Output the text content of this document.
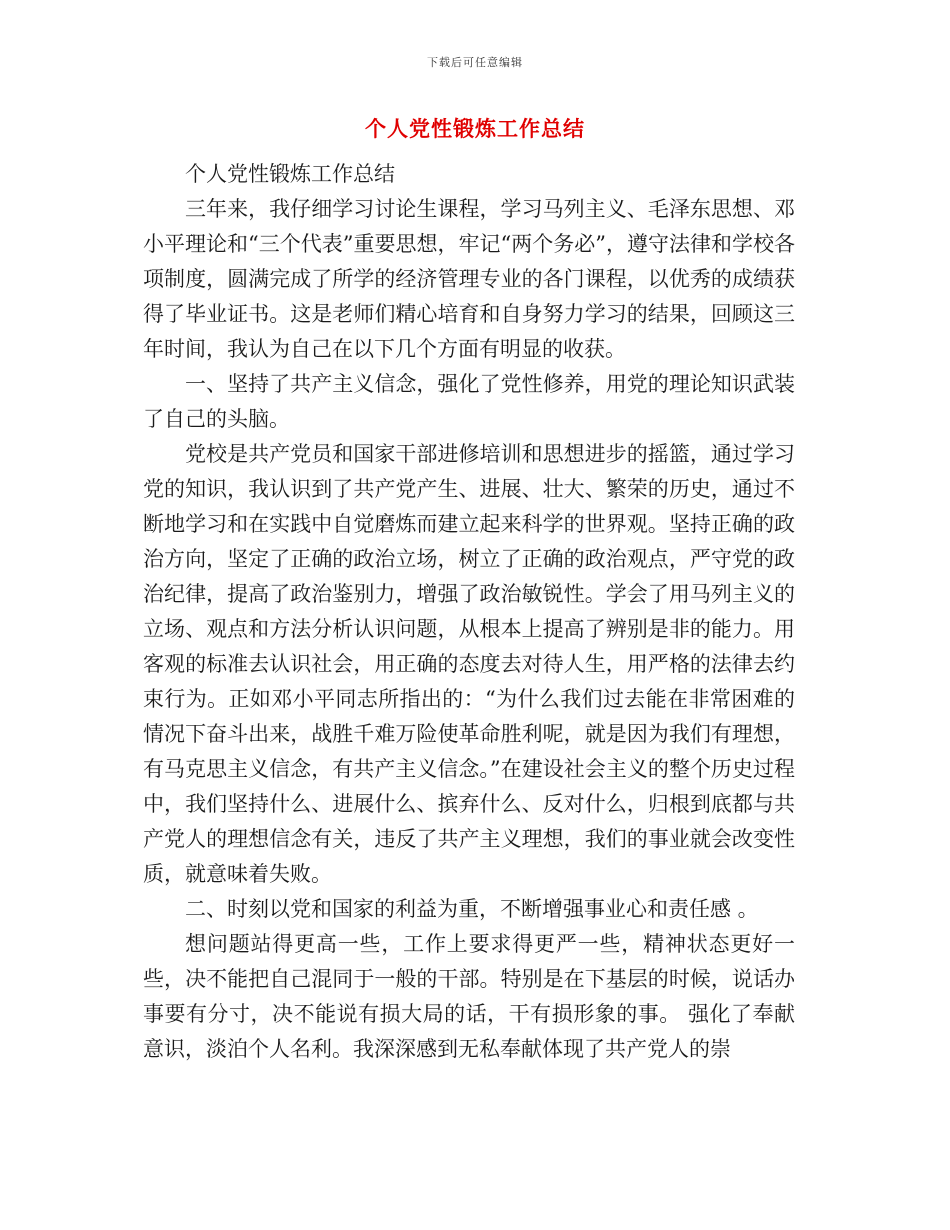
下载后可任意编辑
个人党性锻炼工作总结

个人党性锻炼工作总结

三年来，我仔细学习讨论生课程，学习马列主义、毛泽东思想、邓小平理论和“三个代表”重要思想，牢记“两个务必”，遵守法律和学校各项制度，圆满完成了所学的经济管理专业的各门课程，以优秀的成绩获得了毕业证书。这是老师们精心培育和自身努力学习的结果，回顾这三年时间，我认为自己在以下几个方面有明显的收获。

一、坚持了共产主义信念，强化了党性修养，用党的理论知识武装了自己的头脑。

党校是共产党员和国家干部进修培训和思想进步的摇篮，通过学习党的知识，我认识到了共产党产生、进展、壮大、繁荣的历史，通过不断地学习和在实践中自觉磨炼而建立起来科学的世界观。坚持正确的政治方向，坚定了正确的政治立场，树立了正确的政治观点，严守党的政治纪律，提高了政治鉴别力，增强了政治敏锐性。学会了用马列主义的立场、观点和方法分析认识问题，从根本上提高了辨别是非的能力。用客观的标准去认识社会，用正确的态度去对待人生，用严格的法律去约束行为。正如邓小平同志所指出的：“为什么我们过去能在非常困难的情况下奋斗出来，战胜千难万险使革命胜利呢，就是因为我们有理想，有马克思主义信念，有共产主义信念。”在建设社会主义的整个历史过程中，我们坚持什么、进展什么、摈弃什么、反对什么，归根到底都与共产党人的理想信念有关，违反了共产主义理想，我们的事业就会改变性质，就意味着失败。

二、时刻以党和国家的利益为重，不断增强事业心和责任感 。

想问题站得更高一些，工作上要求得更严一些，精神状态更好一些，决不能把自己混同于一般的干部。特别是在下基层的时候，说话办事要有分寸，决不能说有损大局的话，干有损形象的事。 强化了奉献意识，淡泊个人名利。我深深感到无私奉献体现了共产党人的崇
